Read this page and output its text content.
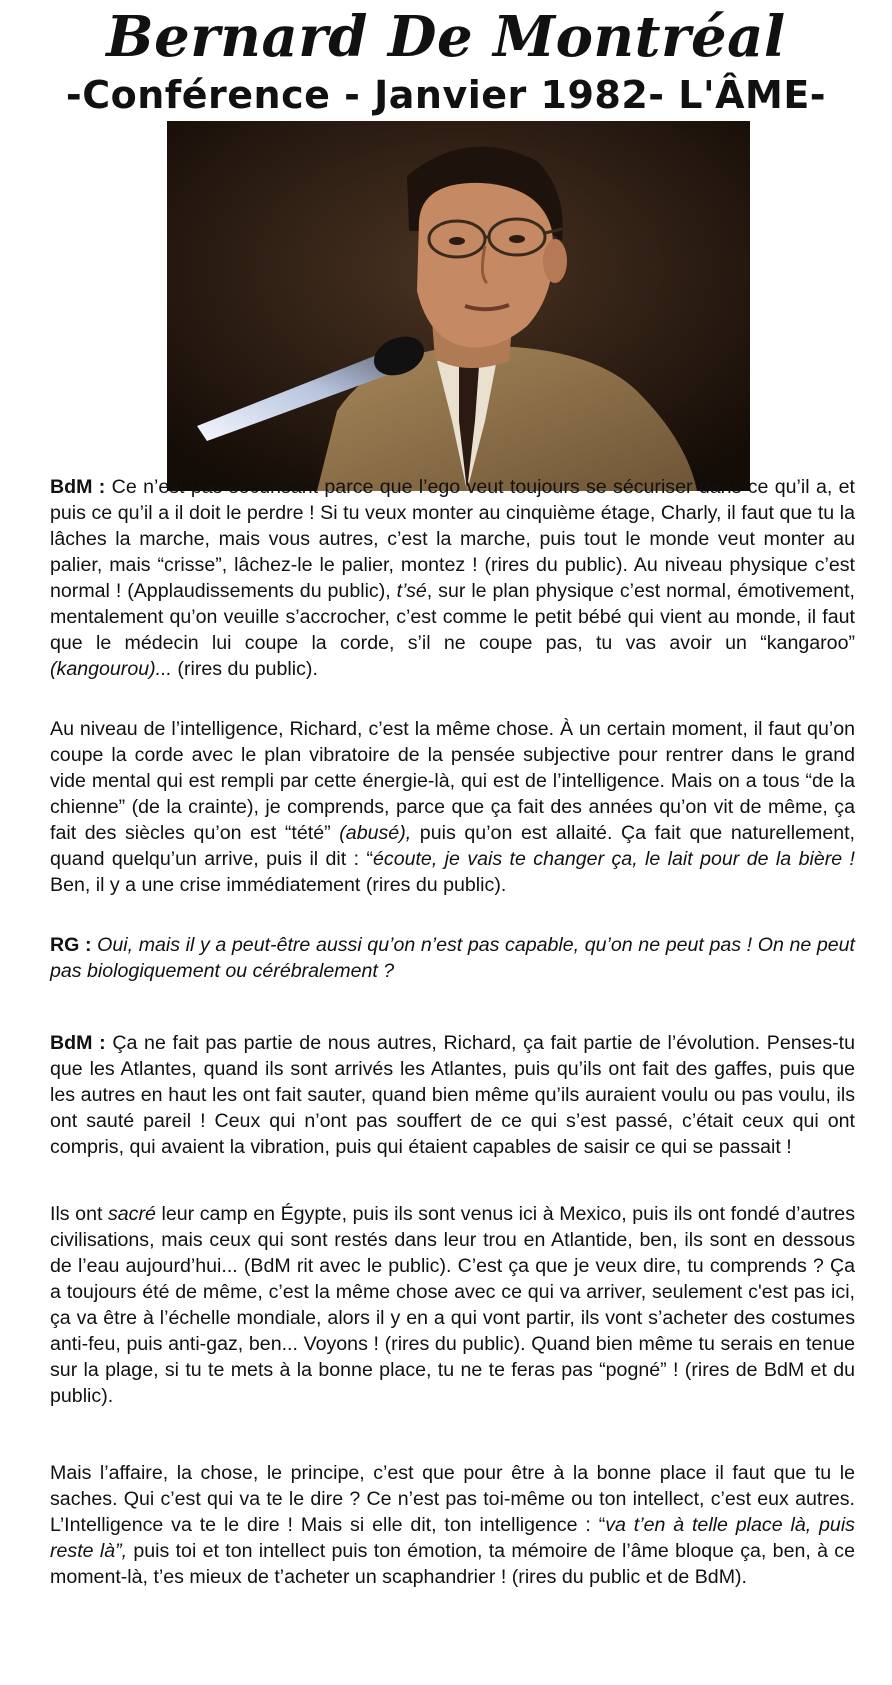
Bernard De Montréal
-Conférence - Janvier 1982- L'ÂME-

BdM : Ce n’est pas sécurisant parce que l’ego veut toujours se sécuriser dans ce qu’il a, et puis ce qu’il a il doit le perdre ! Si tu veux monter au cinquième étage, Charly, il faut que tu la lâches la marche, mais vous autres, c’est la marche, puis tout le monde veut monter au palier, mais “crisse”, lâchez-le le palier, montez ! (rires du public). Au niveau physique c’est normal ! (Applaudissements du public), t’sé, sur le plan physique c’est normal, émotivement, mentalement qu’on veuille s’accrocher, c’est comme le petit bébé qui vient au monde, il faut que le médecin lui coupe la corde, s’il ne coupe pas, tu vas avoir un “kangaroo” (kangourou)... (rires du public).

Au niveau de l’intelligence, Richard, c’est la même chose. À un certain moment, il faut qu’on coupe la corde avec le plan vibratoire de la pensée subjective pour rentrer dans le grand vide mental qui est rempli par cette énergie-là, qui est de l’intelligence. Mais on a tous “de la chienne” (de la crainte), je comprends, parce que ça fait des années qu’on vit de même, ça fait des siècles qu’on est “tété” (abusé), puis qu’on est allaité. Ça fait que naturellement, quand quelqu’un arrive, puis il dit : “écoute, je vais te changer ça, le lait pour de la bière ! Ben, il y a une crise immédiatement (rires du public).

RG : Oui, mais il y a peut-être aussi qu’on n’est pas capable, qu’on ne peut pas ! On ne peut pas biologiquement ou cérébralement ?

BdM : Ça ne fait pas partie de nous autres, Richard, ça fait partie de l’évolution. Penses-tu que les Atlantes, quand ils sont arrivés les Atlantes, puis qu’ils ont fait des gaffes, puis que les autres en haut les ont fait sauter, quand bien même qu’ils auraient voulu ou pas voulu, ils ont sauté pareil ! Ceux qui n’ont pas souffert de ce qui s’est passé, c’était ceux qui ont compris, qui avaient la vibration, puis qui étaient capables de saisir ce qui se passait !

Ils ont sacré leur camp en Égypte, puis ils sont venus ici à Mexico, puis ils ont fondé d’autres civilisations, mais ceux qui sont restés dans leur trou en Atlantide, ben, ils sont en dessous de l’eau aujourd’hui... (BdM rit avec le public). C’est ça que je veux dire, tu comprends ? Ça a toujours été de même, c’est la même chose avec ce qui va arriver, seulement c'est pas ici, ça va être à l’échelle mondiale, alors il y en a qui vont partir, ils vont s’acheter des costumes anti-feu, puis anti-gaz, ben... Voyons ! (rires du public). Quand bien même tu serais en tenue sur la plage, si tu te mets à la bonne place, tu ne te feras pas “pogné” ! (rires de BdM et du public).

Mais l’affaire, la chose, le principe, c’est que pour être à la bonne place il faut que tu le saches. Qui c’est qui va te le dire ? Ce n’est pas toi-même ou ton intellect, c’est eux autres. L’Intelligence va te le dire ! Mais si elle dit, ton intelligence : “va t’en à telle place là, puis reste là”, puis toi et ton intellect puis ton émotion, ta mémoire de l’âme bloque ça, ben, à ce moment-là, t’es mieux de t’acheter un scaphandrier ! (rires du public et de BdM).
